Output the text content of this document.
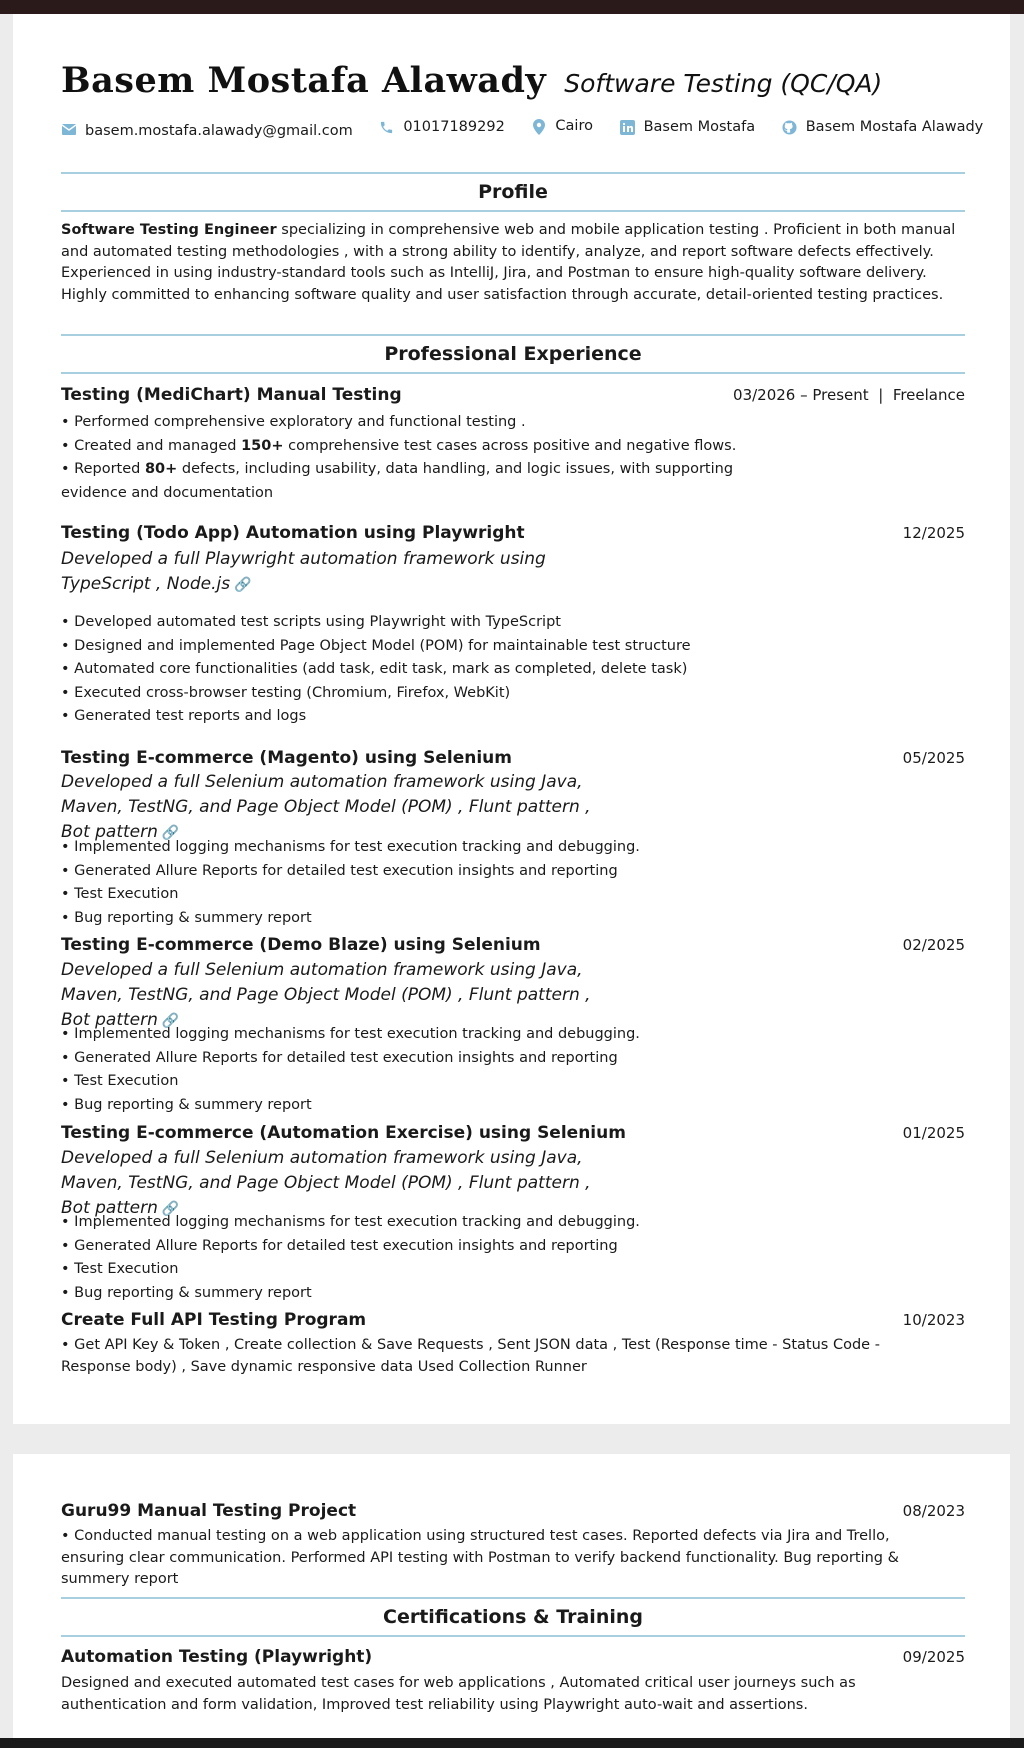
Basem Mostafa Alawady Software Testing (QC/QA)
basem.mostafa.alawady@gmail.com
	01017189292
	Cairo
	Basem Mostafa
	Basem Mostafa Alawady
Profile
Software Testing Engineer specializing in comprehensive web and mobile application testing . Proficient in both manual and automated testing methodologies , with a strong ability to identify, analyze, and report software defects effectively. Experienced in using industry-standard tools such as IntelliJ, Jira, and Postman to ensure high-quality software delivery. Highly committed to enhancing software quality and user satisfaction through accurate, detail-oriented testing practices.
Professional Experience
Testing (MediChart) Manual Testing	03/2026 – Present  |  Freelance
• Performed comprehensive exploratory and functional testing .
• Created and managed 150+ comprehensive test cases across positive and negative flows.
• Reported 80+ defects, including usability, data handling, and logic issues, with supporting evidence and documentation
Testing (Todo App) Automation using Playwright	12/2025
Developed a full Playwright automation framework using TypeScript , Node.js 🔗
• Developed automated test scripts using Playwright with TypeScript
• Designed and implemented Page Object Model (POM) for maintainable test structure
• Automated core functionalities (add task, edit task, mark as completed, delete task)
• Executed cross-browser testing (Chromium, Firefox, WebKit)
• Generated test reports and logs
Testing E-commerce (Magento) using Selenium	05/2025
Developed a full Selenium automation framework using Java, Maven, TestNG, and Page Object Model (POM) , Flunt pattern , Bot pattern 🔗
• Implemented logging mechanisms for test execution tracking and debugging.
• Generated Allure Reports for detailed test execution insights and reporting
• Test Execution
• Bug reporting & summery report
Testing E-commerce (Demo Blaze) using Selenium	02/2025
Developed a full Selenium automation framework using Java, Maven, TestNG, and Page Object Model (POM) , Flunt pattern , Bot pattern 🔗
• Implemented logging mechanisms for test execution tracking and debugging.
• Generated Allure Reports for detailed test execution insights and reporting
• Test Execution
• Bug reporting & summery report
Testing E-commerce (Automation Exercise) using Selenium	01/2025
Developed a full Selenium automation framework using Java, Maven, TestNG, and Page Object Model (POM) , Flunt pattern , Bot pattern 🔗
• Implemented logging mechanisms for test execution tracking and debugging.
• Generated Allure Reports for detailed test execution insights and reporting
• Test Execution
• Bug reporting & summery report
Create Full API Testing Program	10/2023
• Get API Key & Token , Create collection & Save Requests , Sent JSON data , Test (Response time - Status Code - Response body) , Save dynamic responsive data Used Collection Runner
Guru99 Manual Testing Project	08/2023
• Conducted manual testing on a web application using structured test cases. Reported defects via Jira and Trello, ensuring clear communication. Performed API testing with Postman to verify backend functionality. Bug reporting & summery report
Certifications & Training
Automation Testing (Playwright)	09/2025
Designed and executed automated test cases for web applications , Automated critical user journeys such as authentication and form validation, Improved test reliability using Playwright auto-wait and assertions.
